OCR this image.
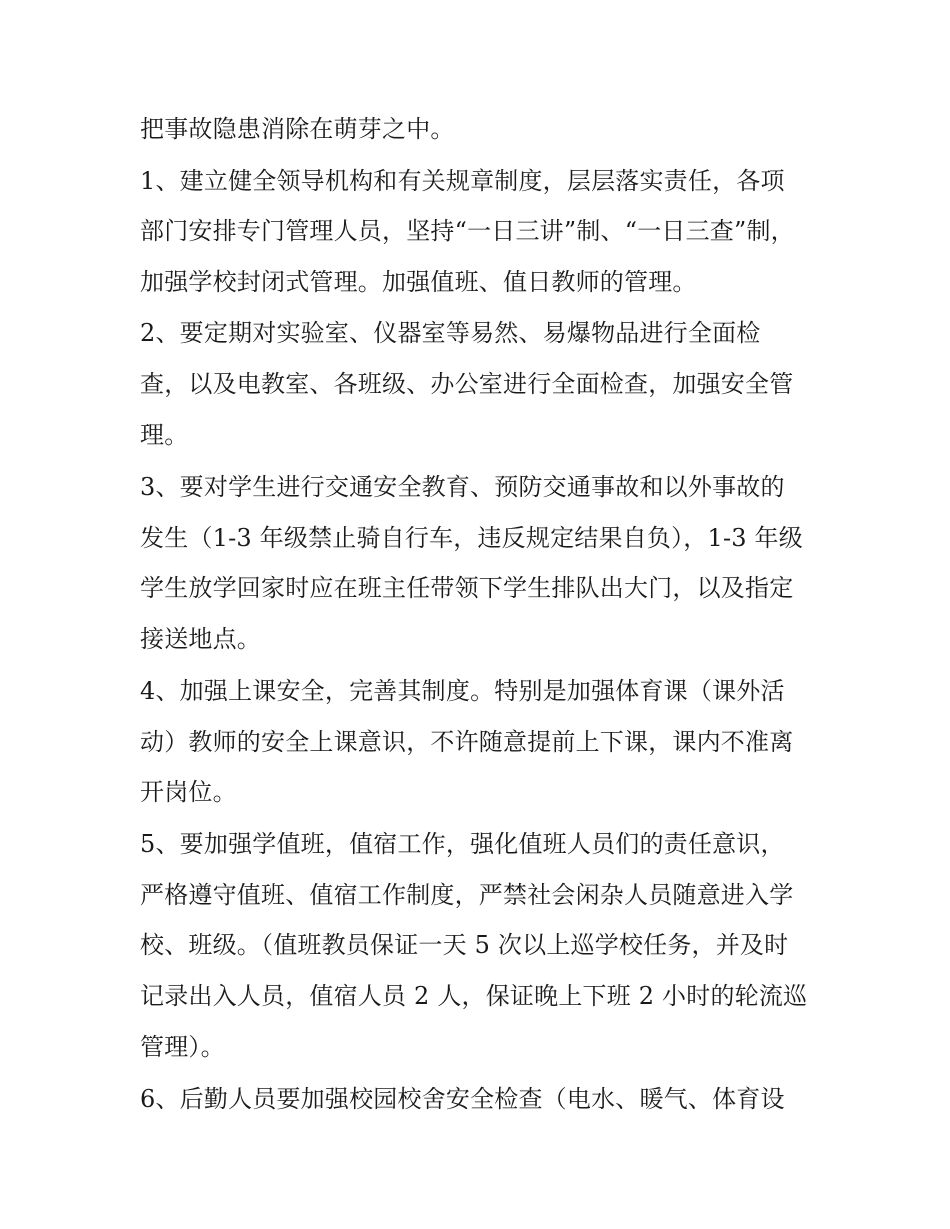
把事故隐患消除在萌芽之中。
1、建立健全领导机构和有关规章制度，层层落实责任，各项
部门安排专门管理人员，坚持“一日三讲”制、“一日三查”制，
加强学校封闭式管理。加强值班、值日教师的管理。
2、要定期对实验室、仪器室等易然、易爆物品进行全面检
查，以及电教室、各班级、办公室进行全面检查，加强安全管
理。
3、要对学生进行交通安全教育、预防交通事故和以外事故的
发生（1-3 年级禁止骑自行车，违反规定结果自负），1-3 年级
学生放学回家时应在班主任带领下学生排队出大门，以及指定
接送地点。
4、加强上课安全，完善其制度。特别是加强体育课（课外活
动）教师的安全上课意识，不许随意提前上下课，课内不准离
开岗位。
5、要加强学值班，值宿工作，强化值班人员们的责任意识，
严格遵守值班、值宿工作制度，严禁社会闲杂人员随意进入学
校、班级。（值班教员保证一天 5 次以上巡学校任务，并及时
记录出入人员，值宿人员 2 人，保证晚上下班 2 小时的轮流巡
管理）。
6、后勤人员要加强校园校舍安全检查（电水、暖气、体育设
